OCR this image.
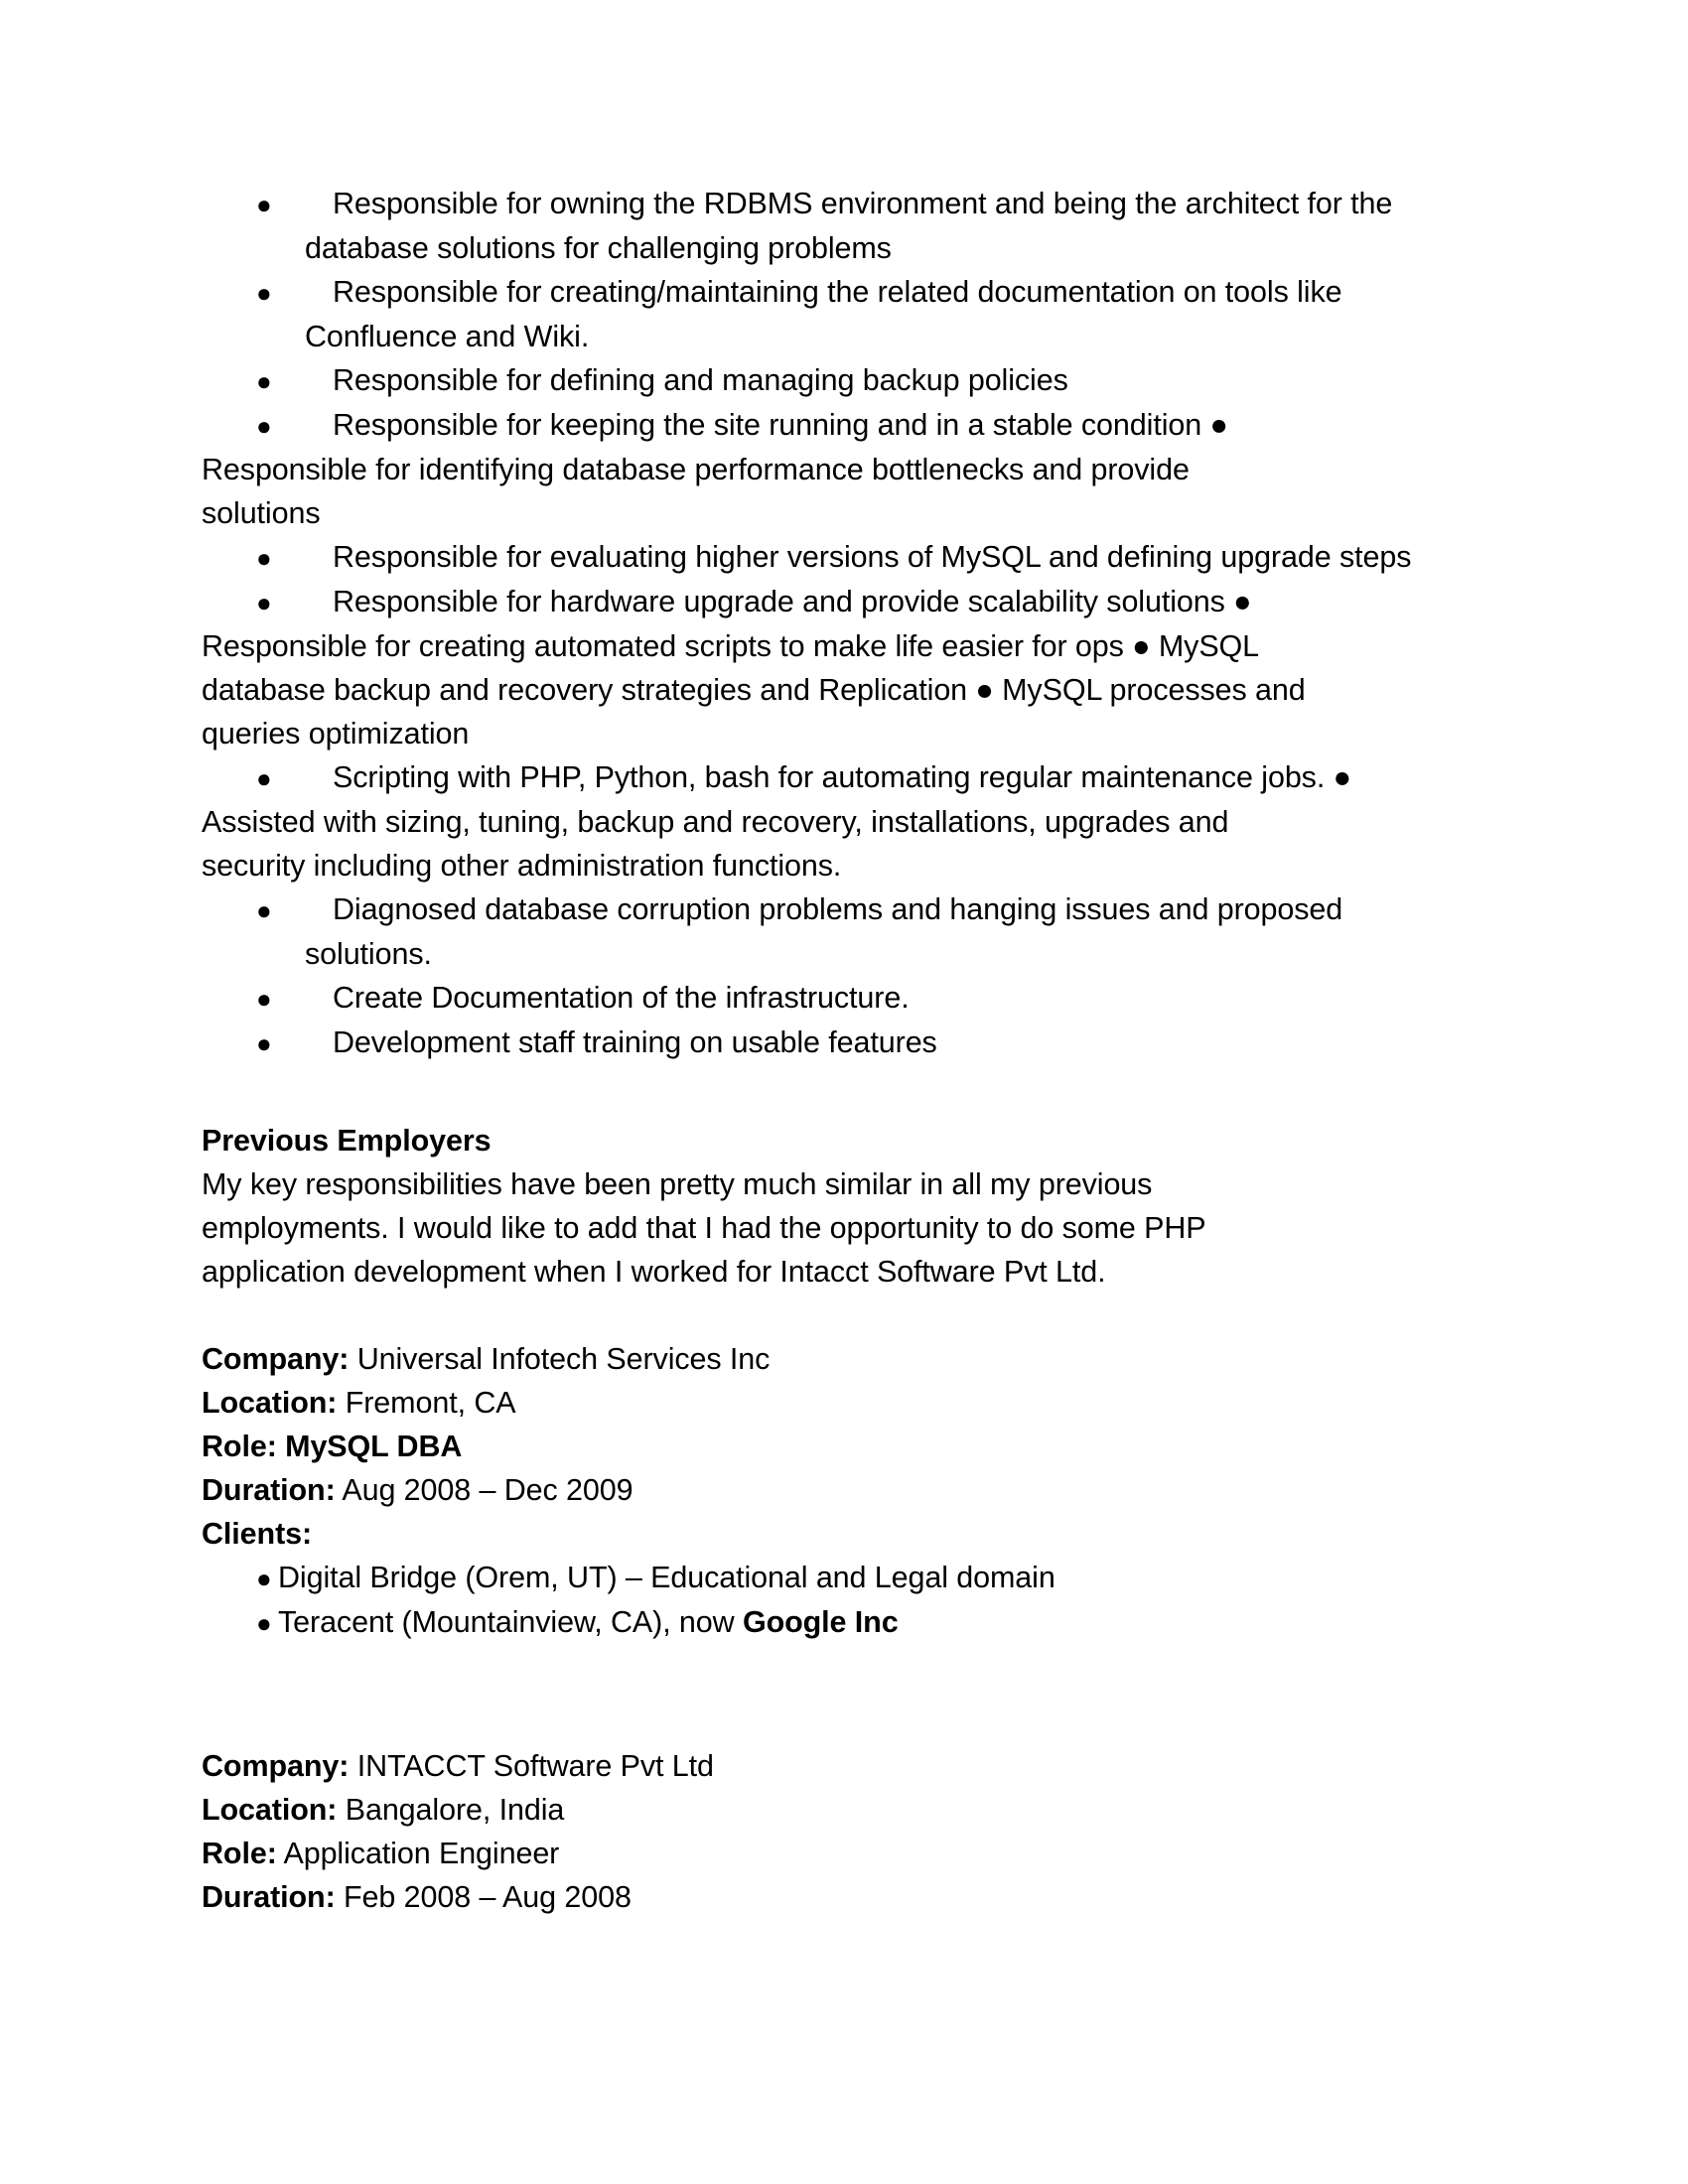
● Responsible for owning the RDBMS environment and being the architect for the
database solutions for challenging problems
● Responsible for creating/maintaining the related documentation on tools like
Confluence and Wiki.
● Responsible for defining and managing backup policies
● Responsible for keeping the site running and in a stable condition ●
Responsible for identifying database performance bottlenecks and provide
solutions
● Responsible for evaluating higher versions of MySQL and defining upgrade steps
● Responsible for hardware upgrade and provide scalability solutions ●
Responsible for creating automated scripts to make life easier for ops ● MySQL
database backup and recovery strategies and Replication ● MySQL processes and
queries optimization
● Scripting with PHP, Python, bash for automating regular maintenance jobs. ●
Assisted with sizing, tuning, backup and recovery, installations, upgrades and
security including other administration functions.
● Diagnosed database corruption problems and hanging issues and proposed
solutions.
● Create Documentation of the infrastructure.
● Development staff training on usable features
Previous Employers
My key responsibilities have been pretty much similar in all my previous
employments. I would like to add that I had the opportunity to do some PHP
application development when I worked for Intacct Software Pvt Ltd.
Company: Universal Infotech Services Inc
Location: Fremont, CA
Role: MySQL DBA
Duration: Aug 2008 – Dec 2009
Clients:
● Digital Bridge (Orem, UT) – Educational and Legal domain
● Teracent (Mountainview, CA), now Google Inc
Company: INTACCT Software Pvt Ltd
Location: Bangalore, India
Role: Application Engineer
Duration: Feb 2008 – Aug 2008
